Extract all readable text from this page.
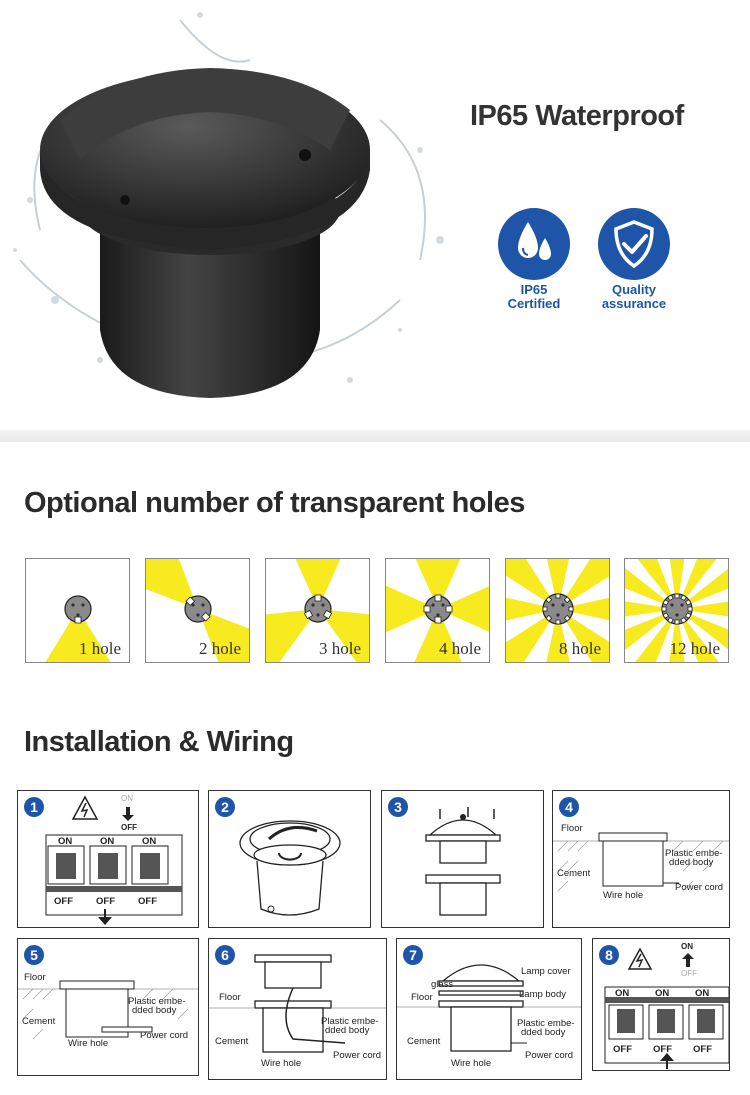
IP65 Waterproof
IP65
Certified
Quality
assurance
Optional number of transparent holes
1 hole	2 hole	3 hole	4 hole	8 hole	12 hole
Installation & Wiring
1
ON
OFF
ON	ON	ON
OFF OFF OFF
2	3	4
Floor
Plastic embe-
dded body
Cement
Power cord
Wire hole
5
Floor
Plastic embe-
dded body
Cement
Power cord
Wire hole
6
Floor
Plastic embe-
dded body
Cement
Power cord
Wire hole
7
Lamp cover
glass
Lamp body
Floor
Plastic embe-
dded body
Cement
Power cord
Wire hole
8
ON
OFF
ON	ON	ON
OFF OFF OFF
